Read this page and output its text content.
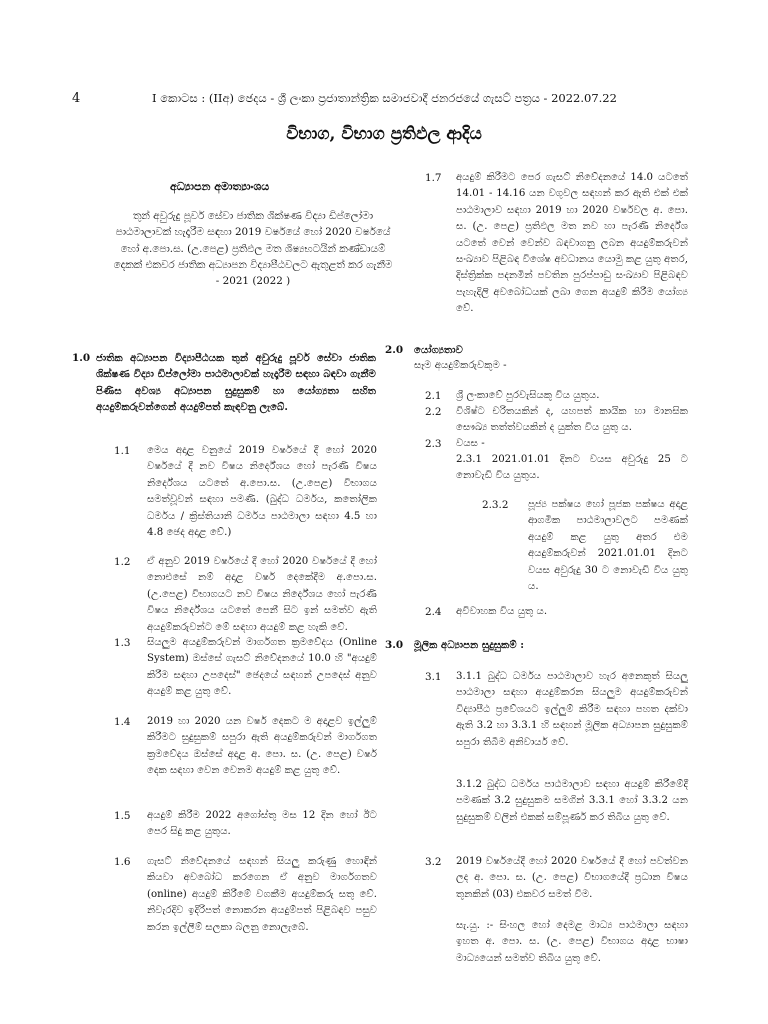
4	I කොටස : (IIඅ) ඡෙදය - ශ්‍රී ලංකා ප්‍රජාතාන්ත්‍රික සමාජවාදී ජනරජයේ ගැසට් පත්‍රය - 2022.07.22
විභාග, විභාග ප්‍රතිඵල ආදිය
අධ්‍යාපන අමාත්‍යාංශය
තුන් අවුරුදු පූර්ව සේවා ජාතික ශික්ෂණ විද්‍යා ඩිප්ලෝමා පාඨමාලාවක් හැදෑරීම සඳහා 2019 වර්ෂයේ හෝ 2020 වර්ෂයේ හෝ අ.පො.ස. (උ.පෙළ) ප්‍රතිඵල මත ශිෂ්‍යභටයින් කණ්ඩායම් දෙකක් එකවර ජාතික අධ්‍යාපන විද්‍යාපීඨවලට ඇතුළත් කර ගැනීම - 2021 (2022 )
1.0 ජාතික අධ්‍යාපන විද්‍යාපීඨයක තුන් අවුරුදු පූර්ව සේවා ජාතික ශික්ෂණ විද්‍යා ඩිප්ලෝමා පාඨමාලාවක් හැදෑරීම සඳහා බඳවා ගැනීම පිණිස අවශ්‍ය අධ්‍යාපන සුදුසුකම් හා යෝග්‍යතා සහිත අයදුම්කරුවන්ගෙන් අයදුම්පත් කැඳවනු ලැබේ.
1.1 මෙය අදාළ වනුයේ 2019 වර්ෂයේ දී හෝ 2020 වර්ෂයේ දී නව විෂය නිර්දේශය හෝ පැරණි විෂය නිර්දේශය යටතේ අ.පො.ස. (උ.පෙළ) විභාගය සමත්වූවන් සඳහා පමණි. (බුද්ධ ධර්මය, කතෝලික ධර්මය / ක්‍රිස්තියානි ධර්මය පාඨමාලා සඳහා 4.5 හා 4.8 ඡෙද අදාළ වේ.)
1.2 ඒ අනුව 2019 වර්ෂයේ දී හෝ 2020 වර්ෂයේ දී හෝ නොඑසේ නම් අදාළ වර්ෂ දෙකේදීම අ.පො.ස. (උ.පෙළ) විභාගයට නව විෂය නිර්දේශය හෝ පැරණි විෂය නිර්දේශය යටතේ පෙනී සිට ඉන් සමත්ව ඇති අයදුම්කරුවන්ට මේ සඳහා අයදුම් කළ හැකි වේ.
1.3 සියලුම අයදුම්කරුවන් මාර්ගගත ක්‍රමවේදය (Online System) ඔස්සේ ගැසට් නිවේදනයේ 10.0 හි "අයදුම් කිරීම සඳහා උපදෙස්" ඡෙදයේ සඳහන් උපදෙස් අනුව අයදුම් කළ යුතු වේ.
1.4 2019 හා 2020 යන වර්ෂ දෙකට ම අදාළව ඉල්ලුම් කිරීමට සුදුසුකම් සපුරා ඇති අයදුම්කරුවන් මාර්ගගත ක්‍රමවේදය ඔස්සේ අදාළ අ. පො. ස. (උ. පෙළ) වර්ෂ දෙක සඳහා වෙන වෙනම අයදුම් කළ යුතු වේ.
1.5 අයදුම් කිරීම 2022 අගෝස්තු මස 12 දින හෝ ඊට පෙර සිදු කළ යුතුය.
1.6 ගැසට් නිවේදනයේ සඳහන් සියලු කරුණු හොඳින් කියවා අවබෝධ කරගෙන ඒ අනුව මාර්ගගතව (online) අයදුම් කිරීමේ වගකීම අයදුම්කරු සතු වේ. නිවැරදිව ඉදිරිපත් නොකරන අයදුම්පත් පිළිබඳව පසුව කරන ඉල්ලීම් සලකා බලනු නොලැබේ.
1.7 අයදුම් කිරීමට පෙර ගැසට් නිවේදනයේ 14.0 යටතේ 14.01 - 14.16 යන වගුවල සඳහන් කර ඇති එක් එක් පාඨමාලාව සඳහා 2019 හා 2020 වර්ෂවල අ. පො. ස. (උ. පෙළ) ප්‍රතිඵල මත නව හා පැරණි නිර්දේශ යටතේ වෙන් වෙන්ව බඳවාගනු ලබන අයදුම්කරුවන් සංඛ්‍යාව පිළිබඳ විශේෂ අවධානය යොමු කළ යුතු අතර, දිස්ත්‍රික්ක පදනමින් පවතින පුරප්පාඩු සංඛ්‍යාව පිළිබඳව පැහැදිලි අවබෝධයක් ලබා ගෙන අයදුම් කිරීම යෝග්‍ය වේ.
2.0 යෝග්‍යතාව
සෑම අයදුම්කරුවකුම -
2.1 ශ්‍රී ලංකාවේ පුරවැසියකු විය යුතුය.
2.2 විශිෂ්ට චරිතයකින් ද, යහපත් කායික හා මානසික සෞඛ්‍ය තත්ත්වයකින් ද යුක්ත විය යුතු ය.
2.3 වයස -
2.3.1 2021.01.01 දිනට වයස අවුරුදු 25 ට නොවැඩි විය යුතුය.
2.3.2 පූජ්‍ය පක්ෂය හෝ පූජක පක්ෂය අදාළ ආගමික පාඨමාලාවලට පමණක් අයදුම් කළ යුතු අතර එම අයදුම්කරුවන් 2021.01.01 දිනට වයස අවුරුදු 30 ට නොවැඩි විය යුතු ය.
2.4 අවිවාහක විය යුතු ය.
3.0 මූලික අධ්‍යාපන සුදුසුකම් :
3.1 3.1.1 බුද්ධ ධර්මය පාඨමාලාව හැර අනෙකුත් සියලු පාඨමාලා සඳහා අයදුම්කරන සියලුම අයදුම්කරුවන් විද්‍යාපීඨ ප්‍රවේශයට ඉල්ලුම් කිරීම සඳහා පහත දක්වා ඇති 3.2 හා 3.3.1 හි සඳහන් මූලික අධ්‍යාපන සුදුසුකම් සපුරා තිබීම අනිවාර්ය වේ.
3.1.2 බුද්ධ ධර්මය පාඨමාලාව සඳහා අයදුම් කිරීමේදී පමණක් 3.2 සුදුසුකම සමගින් 3.3.1 හෝ 3.3.2 යන සුදුසුකම් වලින් එකක් සම්පූර්ණ කර තිබිය යුතු වේ.
3.2 2019 වර්ෂයේදී හෝ 2020 වර්ෂයේ දී හෝ පවත්වන ලද අ. පො. ස. (උ. පෙළ) විභාගයේදී ප්‍රධාන විෂය තුනකින් (03) එකවර සමත් වීම.
සැ.යු. :- සිංහල හෝ දෙමළ මාධ්‍ය පාඨමාලා සඳහා ඉහත අ. පො. ස. (උ. පෙළ) විභාගය අදාළ භාෂා මාධ්‍යයෙන් සමත්ව තිබිය යුතු වේ.
